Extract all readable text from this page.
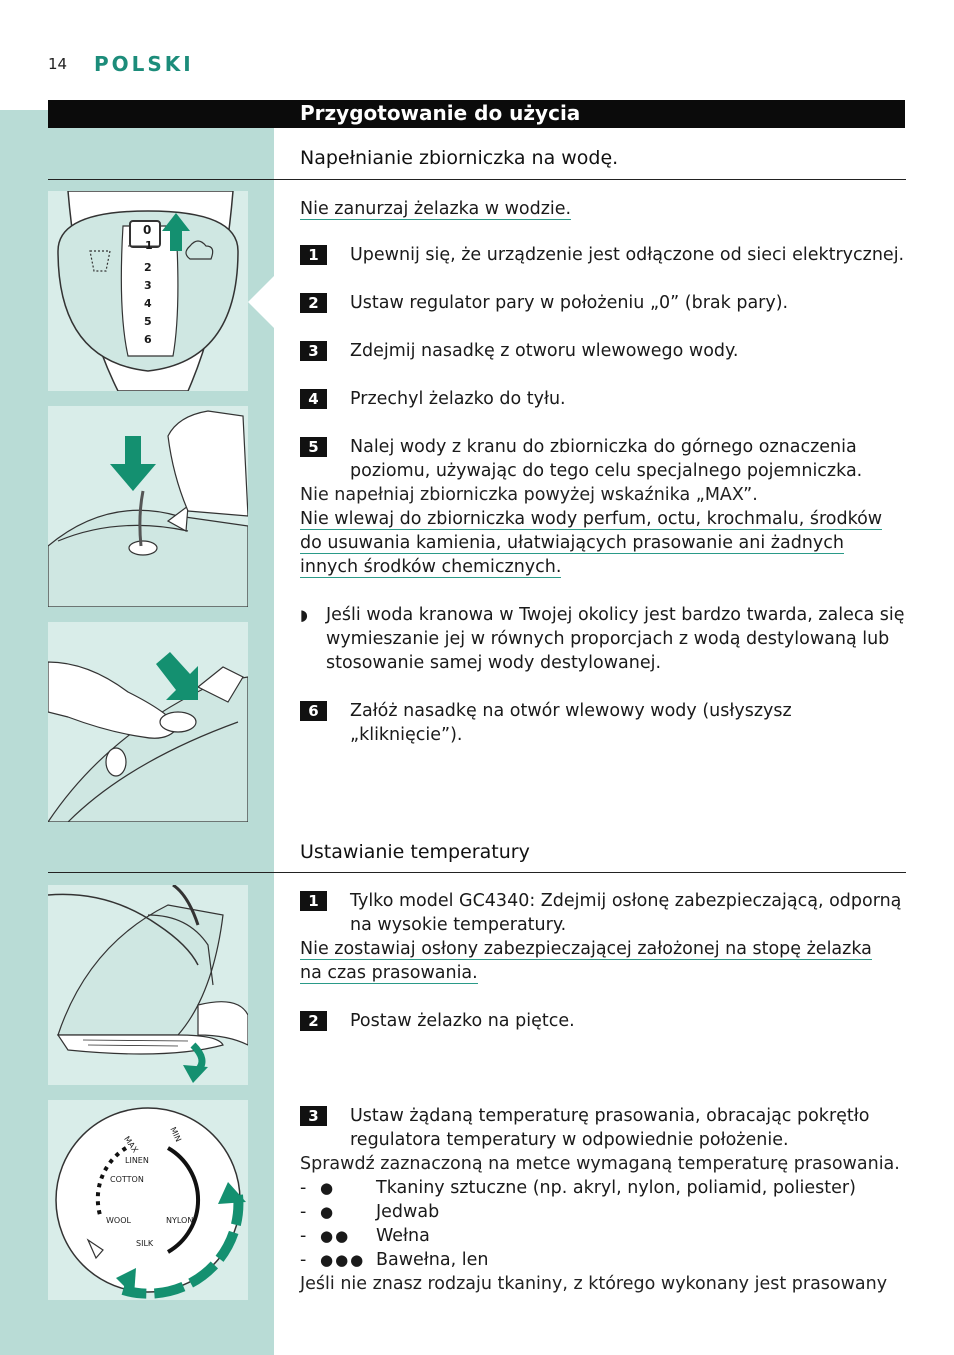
14 POLSKI
Przygotowanie do użycia
Napełnianie zbiorniczka na wodę.
0
1
2
3
4
5
6
Nie zanurzaj żelazka w wodzie.
1	Upewnij się, że urządzenie jest odłączone od sieci elektrycznej.
2	Ustaw regulator pary w położeniu „0” (brak pary).
3	Zdejmij nasadkę z otworu wlewowego wody.
4	Przechyl żelazko do tyłu.
5	Nalej wody z kranu do zbiorniczka do górnego oznaczenia poziomu, używając do tego celu specjalnego pojemniczka.
Nie napełniaj zbiorniczka powyżej wskaźnika „MAX”.
Nie wlewaj do zbiorniczka wody perfum, octu, krochmalu, środków do usuwania kamienia, ułatwiających prasowanie ani żadnych innych środków chemicznych.
◗ Jeśli woda kranowa w Twojej okolicy jest bardzo twarda, zaleca się wymieszanie jej w równych proporcjach z wodą destylowaną lub stosowanie samej wody destylowanej.
6	Załóż nasadkę na otwór wlewowy wody (usłyszysz „kliknięcie”).
Ustawianie temperatury
MAX
LINEN
COTTON
WOOL
SILK
NYLON
MIN
1	Tylko model GC4340: Zdejmij osłonę zabezpieczającą, odporną na wysokie temperatury.
Nie zostawiaj osłony zabezpieczającej założonej na stopę żelazka na czas prasowania.
2	Postaw żelazko na piętce.
3	Ustaw żądaną temperaturę prasowania, obracając pokrętło regulatora temperatury w odpowiednie położenie.
Sprawdź zaznaczoną na metce wymaganą temperaturę prasowania.
- ● Tkaniny sztuczne (np. akryl, nylon, poliamid, poliester)
- ● Jedwab
- ●● Wełna
- ●●● Bawełna, len
Jeśli nie znasz rodzaju tkaniny, z którego wykonany jest prasowany
